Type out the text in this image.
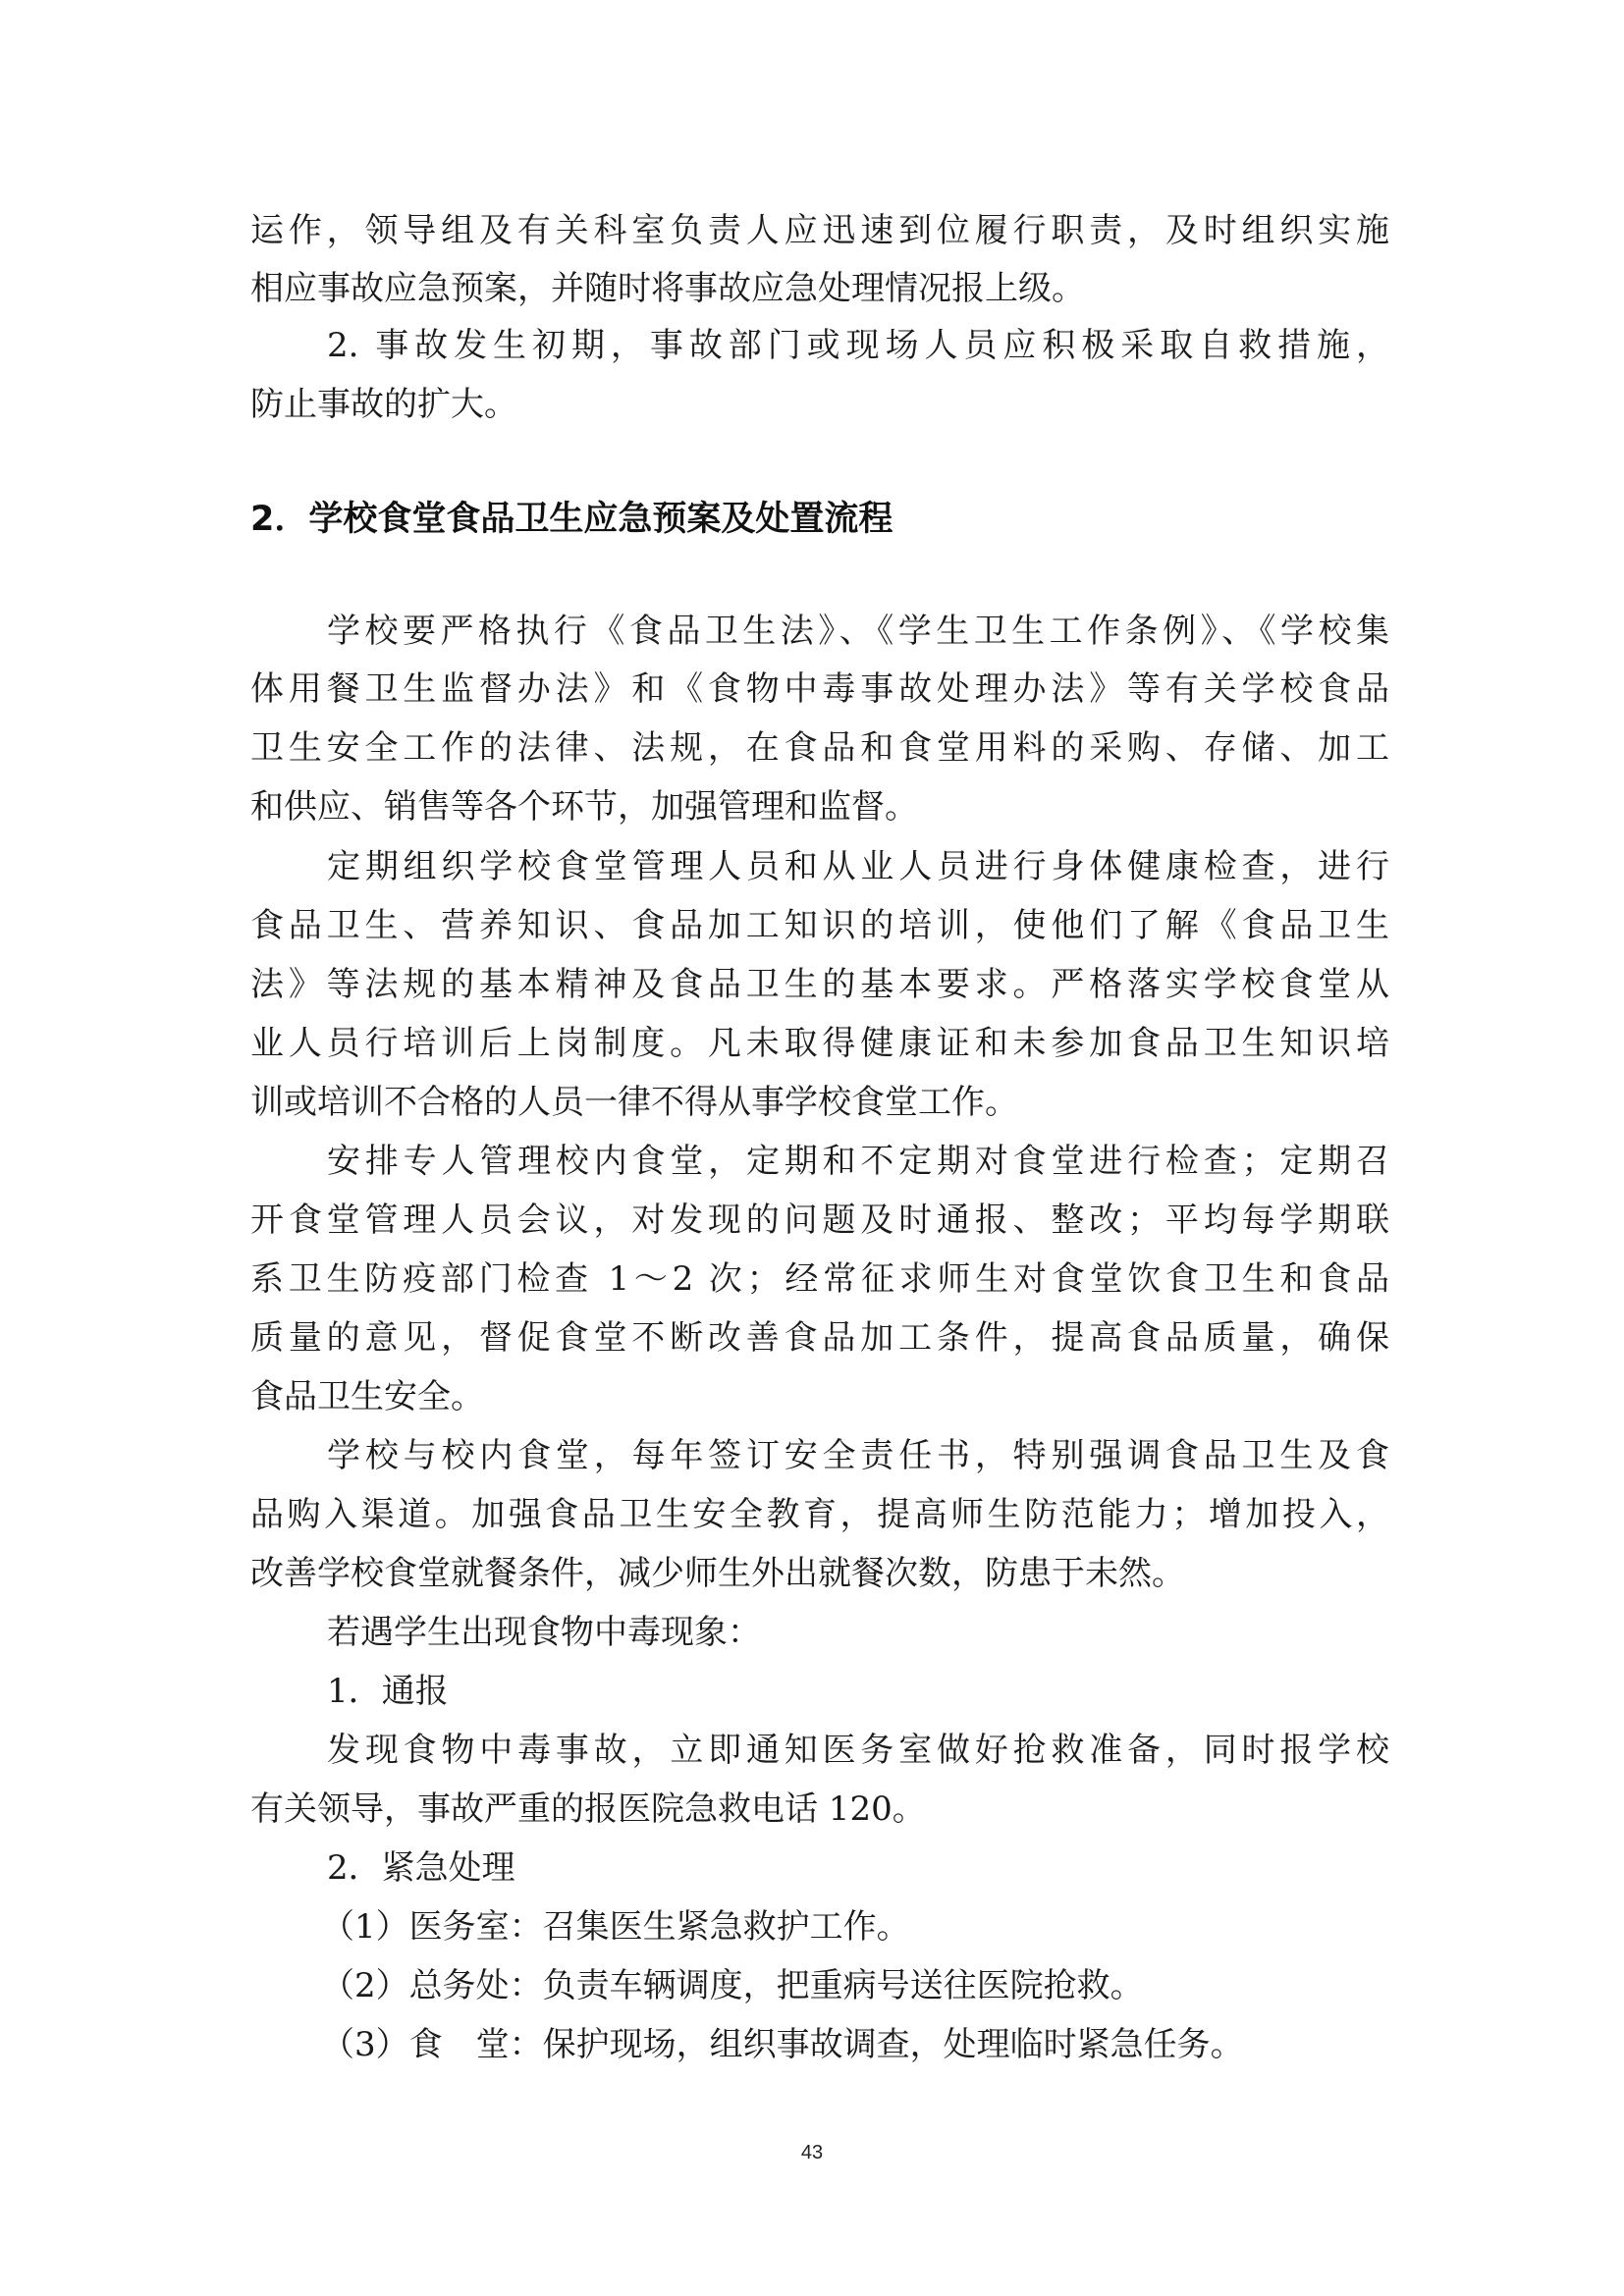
运作，领导组及有关科室负责人应迅速到位履行职责，及时组织实施
相应事故应急预案，并随时将事故应急处理情况报上级。
2. 事故发生初期，事故部门或现场人员应积极采取自救措施，
防止事故的扩大。
2．学校食堂食品卫生应急预案及处置流程
学校要严格执行《食品卫生法》、《学生卫生工作条例》、《学校集
体用餐卫生监督办法》和《食物中毒事故处理办法》等有关学校食品
卫生安全工作的法律、法规，在食品和食堂用料的采购、存储、加工
和供应、销售等各个环节，加强管理和监督。
定期组织学校食堂管理人员和从业人员进行身体健康检查，进行
食品卫生、营养知识、食品加工知识的培训，使他们了解《食品卫生
法》等法规的基本精神及食品卫生的基本要求。严格落实学校食堂从
业人员行培训后上岗制度。凡未取得健康证和未参加食品卫生知识培
训或培训不合格的人员一律不得从事学校食堂工作。
安排专人管理校内食堂，定期和不定期对食堂进行检查；定期召
开食堂管理人员会议，对发现的问题及时通报、整改；平均每学期联
系卫生防疫部门检查 1～2 次；经常征求师生对食堂饮食卫生和食品
质量的意见，督促食堂不断改善食品加工条件，提高食品质量，确保
食品卫生安全。
学校与校内食堂，每年签订安全责任书，特别强调食品卫生及食
品购入渠道。加强食品卫生安全教育，提高师生防范能力；增加投入，
改善学校食堂就餐条件，减少师生外出就餐次数，防患于未然。
若遇学生出现食物中毒现象：
1．通报
发现食物中毒事故，立即通知医务室做好抢救准备，同时报学校
有关领导，事故严重的报医院急救电话 120。
2．紧急处理
（1）医务室：召集医生紧急救护工作。
（2）总务处：负责车辆调度，把重病号送往医院抢救。
（3）食　堂：保护现场，组织事故调查，处理临时紧急任务。
43
